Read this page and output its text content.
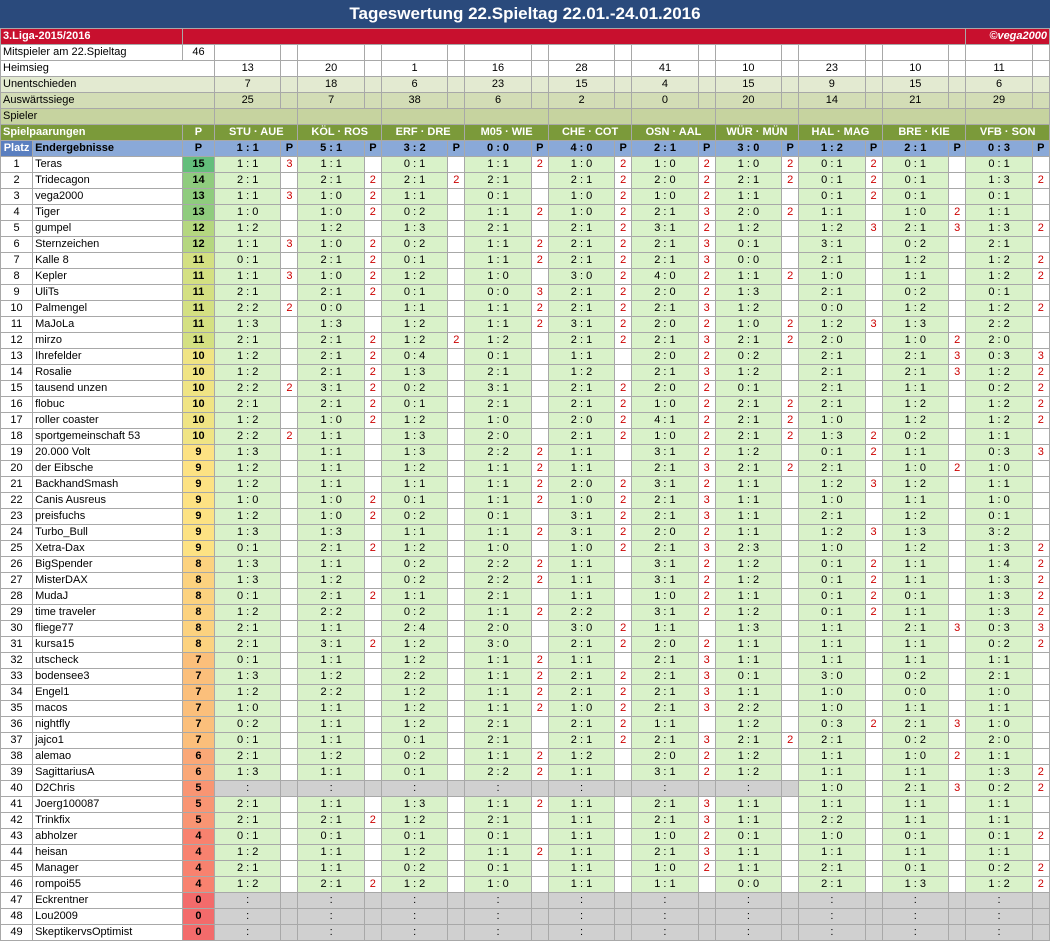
Tageswertung 22.Spieltag 22.01.-24.01.2016
3.Liga-2015/2016																					©vega2000	
Mitspieler am 22.Spieltag		46																				
Heimsieg			13		20		1		16		28		41		10		23		10		11	
Unentschieden			7		18		6		23		15		4		15		9		15		6	
Auswärtssiege			25		7		38		6		2		0		20		14		21		29	
Spieler																						
Spielpaarungen		P	STU · AUE		KÖL · ROS		ERF · DRE		M05 · WIE		CHE · COT		OSN · AAL		WÜR · MÜN		HAL · MAG		BRE · KIE		VFB · SON	
Platz	Endergebnisse	P	1 : 1	P	5 : 1	P	3 : 2	P	0 : 0	P	4 : 0	P	2 : 1	P	3 : 0	P	1 : 2	P	2 : 1	P	0 : 3	P
1	Teras	15	1 : 1	3	1 : 1		0 : 1		1 : 1	2	1 : 0	2	1 : 0	2	1 : 0	2	0 : 1	2	0 : 1		0 : 1	
2	Tridecagon	14	2 : 1		2 : 1	2	2 : 1	2	2 : 1		2 : 1	2	2 : 0	2	2 : 1	2	0 : 1	2	0 : 1		1 : 3	2
3	vega2000	13	1 : 1	3	1 : 0	2	1 : 1		0 : 1		1 : 0	2	1 : 0	2	1 : 1		0 : 1	2	0 : 1		0 : 1	
4	Tiger	13	1 : 0		1 : 0	2	0 : 2		1 : 1	2	1 : 0	2	2 : 1	3	2 : 0	2	1 : 1		1 : 0	2	1 : 1	
5	gumpel	12	1 : 2		1 : 2		1 : 3		2 : 1		2 : 1	2	3 : 1	2	1 : 2		1 : 2	3	2 : 1	3	1 : 3	2
6	Sternzeichen	12	1 : 1	3	1 : 0	2	0 : 2		1 : 1	2	2 : 1	2	2 : 1	3	0 : 1		3 : 1		0 : 2		2 : 1	
7	Kalle 8	11	0 : 1		2 : 1	2	0 : 1		1 : 1	2	2 : 1	2	2 : 1	3	0 : 0		2 : 1		1 : 2		1 : 2	2
8	Kepler	11	1 : 1	3	1 : 0	2	1 : 2		1 : 0		3 : 0	2	4 : 0	2	1 : 1	2	1 : 0		1 : 1		1 : 2	2
9	UliTs	11	2 : 1		2 : 1	2	0 : 1		0 : 0	3	2 : 1	2	2 : 0	2	1 : 3		2 : 1		0 : 2		0 : 1	
10	Palmengel	11	2 : 2	2	0 : 0		1 : 1		1 : 1	2	2 : 1	2	2 : 1	3	1 : 2		0 : 0		1 : 2		1 : 2	2
11	MaJoLa	11	1 : 3		1 : 3		1 : 2		1 : 1	2	3 : 1	2	2 : 0	2	1 : 0	2	1 : 2	3	1 : 3		2 : 2	
12	mirzo	11	2 : 1		2 : 1	2	1 : 2	2	1 : 2		2 : 1	2	2 : 1	3	2 : 1	2	2 : 0		1 : 0	2	2 : 0	
13	Ihrefelder	10	1 : 2		2 : 1	2	0 : 4		0 : 1		1 : 1		2 : 0	2	0 : 2		2 : 1		2 : 1	3	0 : 3	3
14	Rosalie	10	1 : 2		2 : 1	2	1 : 3		2 : 1		1 : 2		2 : 1	3	1 : 2		2 : 1		2 : 1	3	1 : 2	2
15	tausend unzen	10	2 : 2	2	3 : 1	2	0 : 2		3 : 1		2 : 1	2	2 : 0	2	0 : 1		2 : 1		1 : 1		0 : 2	2
16	flobuc	10	2 : 1		2 : 1	2	0 : 1		2 : 1		2 : 1	2	1 : 0	2	2 : 1	2	2 : 1		1 : 2		1 : 2	2
17	roller coaster	10	1 : 2		1 : 0	2	1 : 2		1 : 0		2 : 0	2	4 : 1	2	2 : 1	2	1 : 0		1 : 2		1 : 2	2
18	sportgemeinschaft 53	10	2 : 2	2	1 : 1		1 : 3		2 : 0		2 : 1	2	1 : 0	2	2 : 1	2	1 : 3	2	0 : 2		1 : 1	
19	20.000 Volt	9	1 : 3		1 : 1		1 : 3		2 : 2	2	1 : 1		3 : 1	2	1 : 2		0 : 1	2	1 : 1		0 : 3	3
20	der Eibsche	9	1 : 2		1 : 1		1 : 2		1 : 1	2	1 : 1		2 : 1	3	2 : 1	2	2 : 1		1 : 0	2	1 : 0	
21	BackhandSmash	9	1 : 2		1 : 1		1 : 1		1 : 1	2	2 : 0	2	3 : 1	2	1 : 1		1 : 2	3	1 : 2		1 : 1	
22	Canis Ausreus	9	1 : 0		1 : 0	2	0 : 1		1 : 1	2	1 : 0	2	2 : 1	3	1 : 1		1 : 0		1 : 1		1 : 0	
23	preisfuchs	9	1 : 2		1 : 0	2	0 : 2		0 : 1		3 : 1	2	2 : 1	3	1 : 1		2 : 1		1 : 2		0 : 1	
24	Turbo_Bull	9	1 : 3		1 : 3		1 : 1		1 : 1	2	3 : 1	2	2 : 0	2	1 : 1		1 : 2	3	1 : 3		3 : 2	
25	Xetra-Dax	9	0 : 1		2 : 1	2	1 : 2		1 : 0		1 : 0	2	2 : 1	3	2 : 3		1 : 0		1 : 2		1 : 3	2
26	BigSpender	8	1 : 3		1 : 1		0 : 2		2 : 2	2	1 : 1		3 : 1	2	1 : 2		0 : 1	2	1 : 1		1 : 4	2
27	MisterDAX	8	1 : 3		1 : 2		0 : 2		2 : 2	2	1 : 1		3 : 1	2	1 : 2		0 : 1	2	1 : 1		1 : 3	2
28	MudaJ	8	0 : 1		2 : 1	2	1 : 1		2 : 1		1 : 1		1 : 0	2	1 : 1		0 : 1	2	0 : 1		1 : 3	2
29	time traveler	8	1 : 2		2 : 2		0 : 2		1 : 1	2	2 : 2		3 : 1	2	1 : 2		0 : 1	2	1 : 1		1 : 3	2
30	fliege77	8	2 : 1		1 : 1		2 : 4		2 : 0		3 : 0	2	1 : 1		1 : 3		1 : 1		2 : 1	3	0 : 3	3
31	kursa15	8	2 : 1		3 : 1	2	1 : 2		3 : 0		2 : 1	2	2 : 0	2	1 : 1		1 : 1		1 : 1		0 : 2	2
32	utscheck	7	0 : 1		1 : 1		1 : 2		1 : 1	2	1 : 1		2 : 1	3	1 : 1		1 : 1		1 : 1		1 : 1	
33	bodensee3	7	1 : 3		1 : 2		2 : 2		1 : 1	2	2 : 1	2	2 : 1	3	0 : 1		3 : 0		0 : 2		2 : 1	
34	Engel1	7	1 : 2		2 : 2		1 : 2		1 : 1	2	2 : 1	2	2 : 1	3	1 : 1		1 : 0		0 : 0		1 : 0	
35	macos	7	1 : 0		1 : 1		1 : 2		1 : 1	2	1 : 0	2	2 : 1	3	2 : 2		1 : 0		1 : 1		1 : 1	
36	nightfly	7	0 : 2		1 : 1		1 : 2		2 : 1		2 : 1	2	1 : 1		1 : 2		0 : 3	2	2 : 1	3	1 : 0	
37	jajco1	7	0 : 1		1 : 1		0 : 1		2 : 1		2 : 1	2	2 : 1	3	2 : 1	2	2 : 1		0 : 2		2 : 0	
38	alemao	6	2 : 1		1 : 2		0 : 2		1 : 1	2	1 : 2		2 : 0	2	1 : 2		1 : 1		1 : 0	2	1 : 1	
39	SagittariusA	6	1 : 3		1 : 1		0 : 1		2 : 2	2	1 : 1		3 : 1	2	1 : 2		1 : 1		1 : 1		1 : 3	2
40	D2Chris	5	:		:		:		:		:		:		:		1 : 0		2 : 1	3	0 : 2	2
41	Joerg100087	5	2 : 1		1 : 1		1 : 3		1 : 1	2	1 : 1		2 : 1	3	1 : 1		1 : 1		1 : 1		1 : 1	
42	Trinkfix	5	2 : 1		2 : 1	2	1 : 2		2 : 1		1 : 1		2 : 1	3	1 : 1		2 : 2		1 : 1		1 : 1	
43	abholzer	4	0 : 1		0 : 1		0 : 1		0 : 1		1 : 1		1 : 0	2	0 : 1		1 : 0		0 : 1		0 : 1	2
44	heisan	4	1 : 2		1 : 1		1 : 2		1 : 1	2	1 : 1		2 : 1	3	1 : 1		1 : 1		1 : 1		1 : 1	
45	Manager	4	2 : 1		1 : 1		0 : 2		0 : 1		1 : 1		1 : 0	2	1 : 1		2 : 1		0 : 1		0 : 2	2
46	rompoi55	4	1 : 2		2 : 1	2	1 : 2		1 : 0		1 : 1		1 : 1		0 : 0		2 : 1		1 : 3		1 : 2	2
47	Eckrentner	0	:		:		:		:		:		:		:		:		:		:	
48	Lou2009	0	:		:		:		:		:		:		:		:		:		:	
49	SkeptikervsOptimist	0	:		:		:		:		:		:		:		:		:		:	
